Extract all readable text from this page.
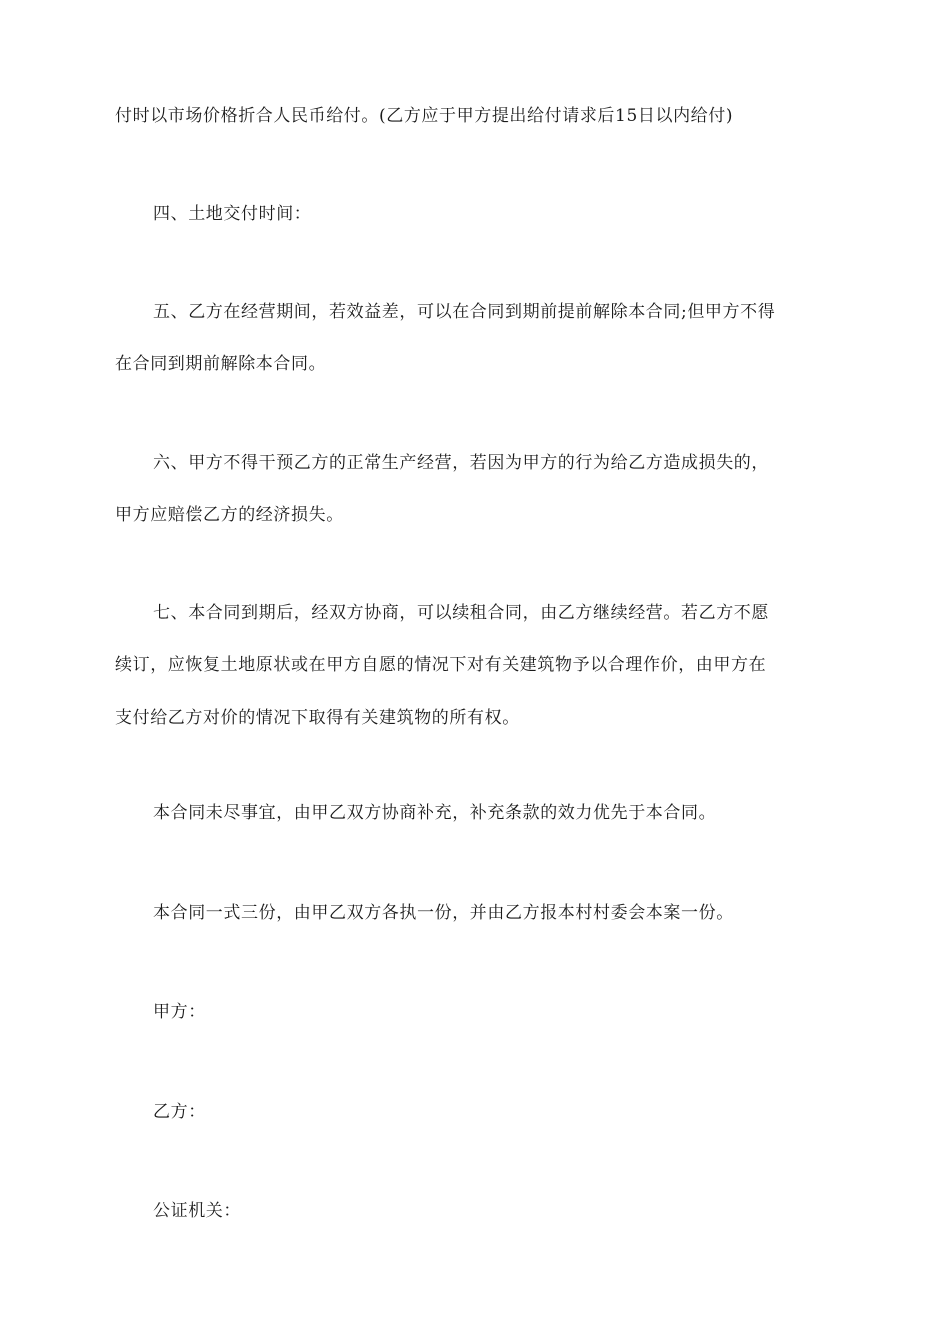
付时以市场价格折合人民币给付。(乙方应于甲方提出给付请求后15日以内给付)
四、土地交付时间：
五、乙方在经营期间，若效益差，可以在合同到期前提前解除本合同;但甲方不得
在合同到期前解除本合同。
六、甲方不得干预乙方的正常生产经营，若因为甲方的行为给乙方造成损失的，
甲方应赔偿乙方的经济损失。
七、本合同到期后，经双方协商，可以续租合同，由乙方继续经营。若乙方不愿
续订，应恢复土地原状或在甲方自愿的情况下对有关建筑物予以合理作价，由甲方在
支付给乙方对价的情况下取得有关建筑物的所有权。
本合同未尽事宜，由甲乙双方协商补充，补充条款的效力优先于本合同。
本合同一式三份，由甲乙双方各执一份，并由乙方报本村村委会本案一份。
甲方：
乙方：
公证机关：
